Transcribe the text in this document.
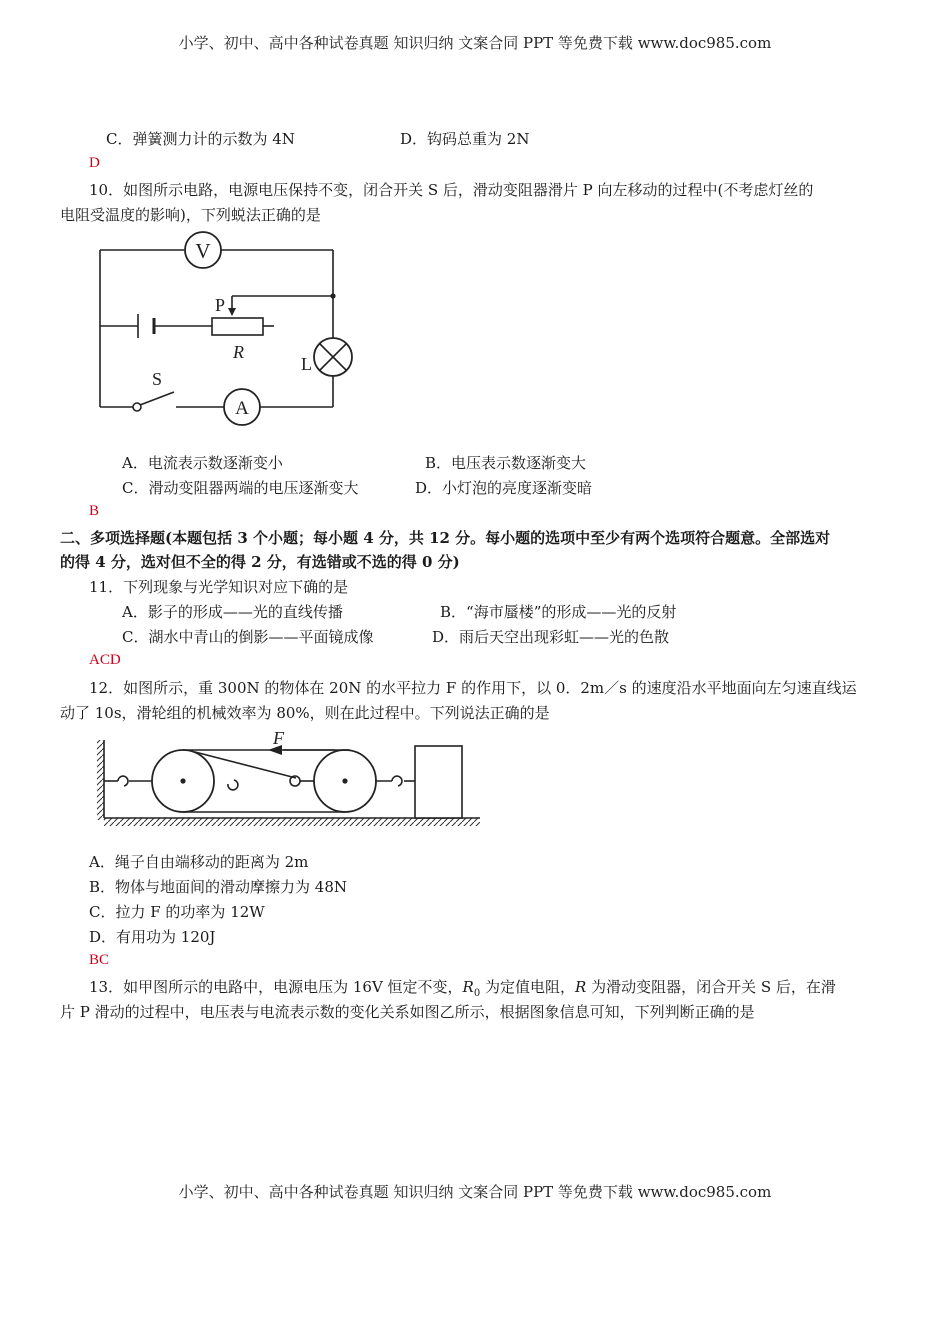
小学、初中、高中各种试卷真题 知识归纳 文案合同 PPT 等免费下载 www.doc985.com
C．弹簧测力计的示数为 4N	D．钩码总重为 2N
D
10．如图所示电路，电源电压保持不变，闭合开关 S 后，滑动变阻器滑片 P 向左移动的过程中(不考虑灯丝的
电阻受温度的影响)，下列蜕法正确的是
V
A
P
R
L
S
A．电流表示数逐渐变小	B．电压表示数逐渐变大
C．滑动变阻器两端的电压逐渐变大	D．小灯泡的亮度逐渐变暗
B
二、多项选择题(本题包括 3 个小题；每小题 4 分，共 12 分。每小题的选项中至少有两个选项符合题意。全部选对
的得 4 分，选对但不全的得 2 分，有选错或不选的得 0 分)
11．下列现象与光学知识对应下确的是
A．影子的形成——光的直线传播	B．“海市蜃楼”的形成——光的反射
C．湖水中青山的倒影——平面镜成像	D．雨后天空出现彩虹——光的色散
ACD
12．如图所示，重 300N 的物体在 20N 的水平拉力 F 的作用下，以 0．2m／s 的速度沿水平地面向左匀速直线运
动了 10s，滑轮组的机械效率为 80%，则在此过程中。下列说法正确的是
F
A．绳子自由端移动的距离为 2m
B．物体与地面间的滑动摩擦力为 48N
C．拉力 F 的功率为 12W
D．有用功为 120J
BC
13．如甲图所示的电路中，电源电压为 16V 恒定不变，$R_0$ 为定值电阻，R 为滑动变阻器，闭合开关 S 后，在滑
片 P 滑动的过程中，电压表与电流表示数的变化关系如图乙所示，根据图象信息可知，下列判断正确的是
小学、初中、高中各种试卷真题 知识归纳 文案合同 PPT 等免费下载 www.doc985.com
